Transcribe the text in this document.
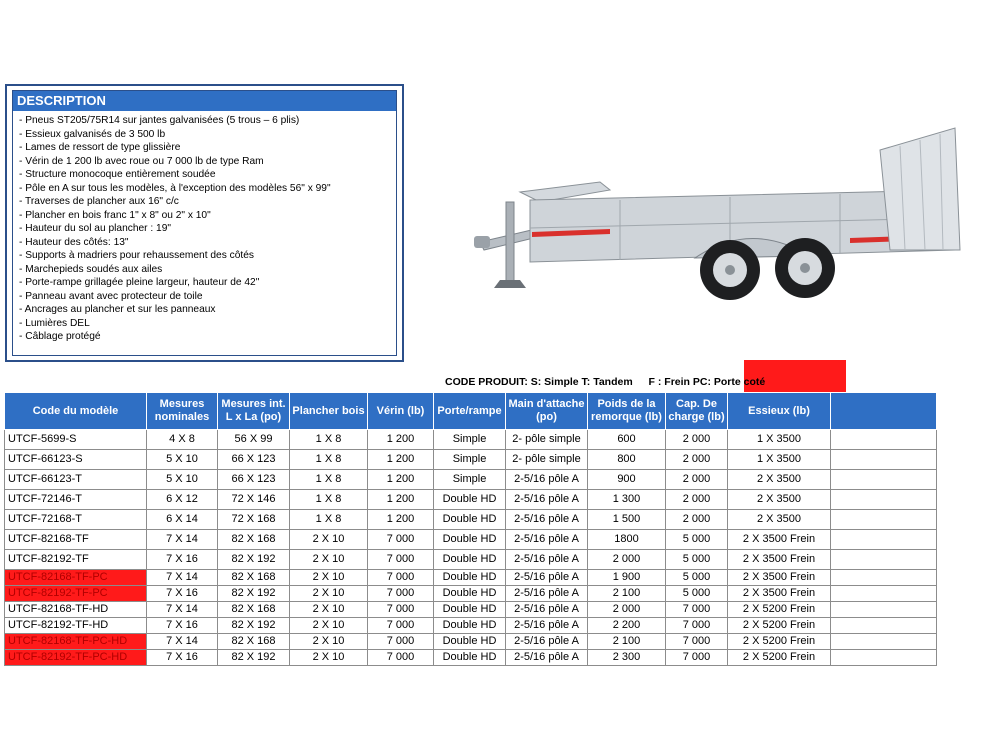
DESCRIPTION
- Pneus ST205/75R14 sur jantes galvanisées (5 trous – 6 plis)
- Essieux galvanisés de 3 500 lb
- Lames de ressort de type glissière
- Vérin de 1 200 lb avec roue ou 7 000 lb de type Ram
- Structure monocoque entièrement soudée
- Pôle en A sur tous les modèles, à l'exception des modèles 56" x 99"
- Traverses de plancher aux 16" c/c
- Plancher en bois franc 1" x 8" ou 2" x 10"
- Hauteur du sol au plancher : 19"
- Hauteur des côtés: 13"
- Supports à madriers pour rehaussement des côtés
- Marchepieds soudés aux ailes
- Porte-rampe grillagée pleine largeur, hauteur de 42"
- Panneau avant avec protecteur de toile
- Ancrages au plancher et sur les panneaux
- Lumières DEL
- Câblage protégé
CODE PRODUIT: S: Simple T: Tandem F : Frein PC: Porte coté
Code du modèle	Mesures nominales	Mesures int. L x La (po)	Plancher bois	Vérin (lb)	Porte/rampe	Main d'attache (po)	Poids de la remorque (lb)	Cap. De charge (lb)	Essieux (lb)	
UTCF-5699-S	4 X 8	56 X 99	1 X 8	1 200	Simple	2- pôle simple	600	2 000	1 X 3500	
UTCF-66123-S	5 X 10	66 X 123	1 X 8	1 200	Simple	2- pôle simple	800	2 000	1 X 3500	
UTCF-66123-T	5 X 10	66 X 123	1 X 8	1 200	Simple	2-5/16 pôle A	900	2 000	2 X 3500	
UTCF-72146-T	6 X 12	72 X 146	1 X 8	1 200	Double HD	2-5/16 pôle A	1 300	2 000	2 X 3500	
UTCF-72168-T	6 X 14	72 X 168	1 X 8	1 200	Double HD	2-5/16 pôle A	1 500	2 000	2 X 3500	
UTCF-82168-TF	7 X 14	82 X 168	2 X 10	7 000	Double HD	2-5/16 pôle A	1800	5 000	2 X 3500 Frein	
UTCF-82192-TF	7 X 16	82 X 192	2 X 10	7 000	Double HD	2-5/16 pôle A	2 000	5 000	2 X 3500 Frein	
UTCF-82168-TF-PC	7 X 14	82 X 168	2 X 10	7 000	Double HD	2-5/16 pôle A	1 900	5 000	2 X 3500 Frein	
UTCF-82192-TF-PC	7 X 16	82 X 192	2 X 10	7 000	Double HD	2-5/16 pôle A	2 100	5 000	2 X 3500 Frein	
UTCF-82168-TF-HD	7 X 14	82 X 168	2 X 10	7 000	Double HD	2-5/16 pôle A	2 000	7 000	2 X 5200 Frein	
UTCF-82192-TF-HD	7 X 16	82 X 192	2 X 10	7 000	Double HD	2-5/16 pôle A	2 200	7 000	2 X 5200 Frein	
UTCF-82168-TF-PC-HD	7 X 14	82 X 168	2 X 10	7 000	Double HD	2-5/16 pôle A	2 100	7 000	2 X 5200 Frein	
UTCF-82192-TF-PC-HD	7 X 16	82 X 192	2 X 10	7 000	Double HD	2-5/16 pôle A	2 300	7 000	2 X 5200 Frein	
